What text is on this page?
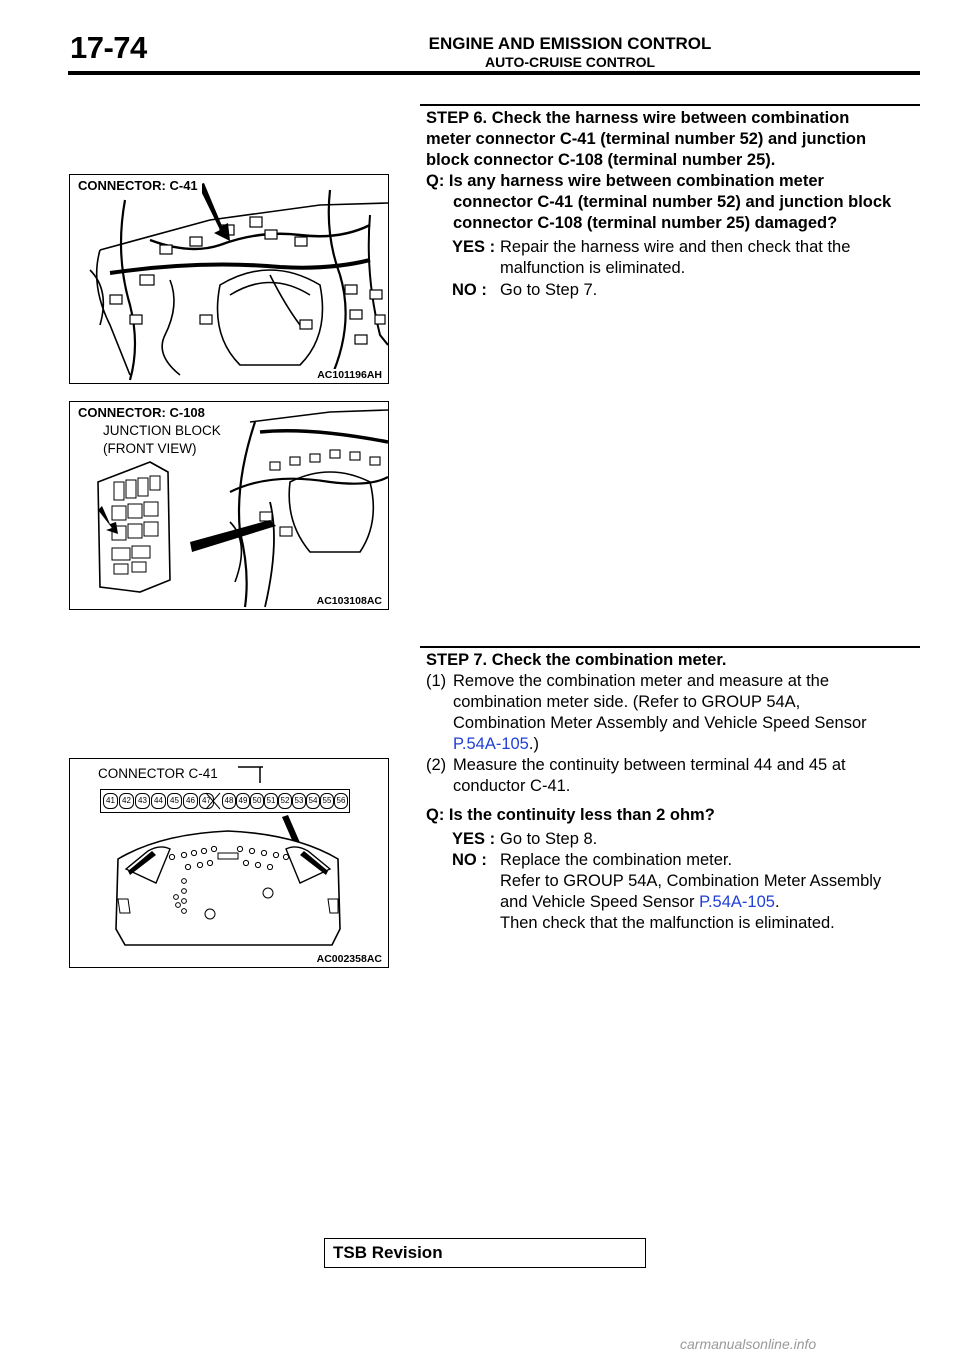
17-74	ENGINE AND EMISSION CONTROL
AUTO-CRUISE CONTROL
CONNECTOR: C-41
AC101196AH
CONNECTOR: C-108
JUNCTION BLOCK
(FRONT VIEW)
AC103108AC
CONNECTOR C-41
41 42 43 44 45 46 47	48 49 50 51 52 53 54 55 56
AC002358AC
STEP 6. Check the harness wire between combination
meter connector C-41 (terminal number 52) and junction
block connector C-108 (terminal number 25).
Q: Is any harness wire between combination meter
connector C-41 (terminal number 52) and junction block
connector C-108 (terminal number 25) damaged?
YES : Repair the harness wire and then check that the
malfunction is eliminated.
NO : Go to Step 7.
STEP 7. Check the combination meter.
(1) Remove the combination meter and measure at the
combination meter side. (Refer to GROUP 54A,
Combination Meter Assembly and Vehicle Speed Sensor
P.54A-105.)
(2) Measure the continuity between terminal 44 and 45 at
conductor C-41.
Q: Is the continuity less than 2 ohm?
YES : Go to Step 8.
NO : Replace the combination meter.
Refer to GROUP 54A, Combination Meter Assembly
and Vehicle Speed Sensor P.54A-105.
Then check that the malfunction is eliminated.
TSB Revision
carmanualsonline.info
